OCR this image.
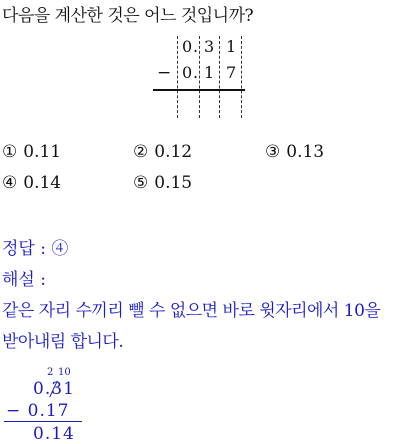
다음을 계산한 것은 어느 것입니까?
0 . 3 1
− 0 . 1 7
① 0.11	② 0.12	③ 0.13
④ 0.14	⑤ 0.15
정답 : ④
해설 :
같은 자리 수끼리 뺄 수 없으면 바로 윗자리에서 10을
받아내림 합니다.
2 10
0.31
− 0.17
0.14
